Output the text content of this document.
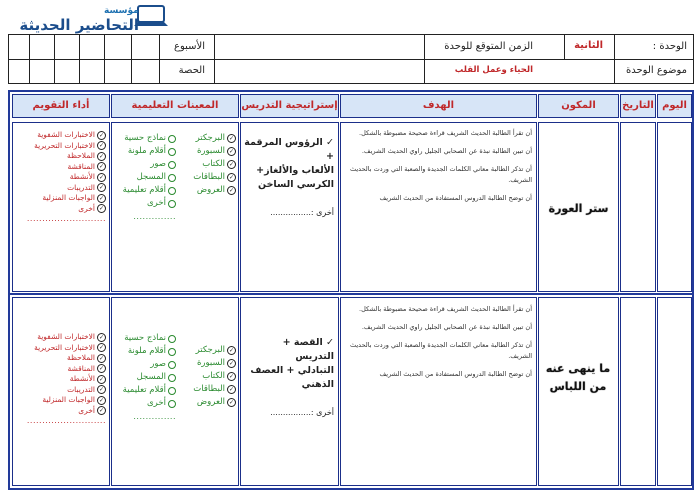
مؤسسة
التحاضير الحديثة
الوحدة :
الثانية
الزمن المتوقع للوحدة
الأسبوع
موضوع الوحدة
الحياء وعمل القلب
الحصة
اليوم
التاريخ
المكون
الهدف
إستراتيجية التدريس
المعينات التعليمية
أداء التقويم
ستر العورة
أن تقرأ الطالبة الحديث الشريف قراءة صحيحة مضبوطة بالشكل.
أن تبين الطالبة نبذة عن الصحابي الجليل راوي الحديث الشريف.
أن تذكر الطالبة معاني الكلمات الجديدة والصعبة التي وردت بالحديث الشريف.
أن توضح الطالبة الدروس المستفادة من الحديث الشريف
✓ الرؤوس المرقمة +
الألعاب والألغاز+
الكرسي الساخن
أخرى :................
✓
البرجكتر
✓
السبورة
✓
الكتاب
✓
البطاقات
✓
العروض
نماذج حسية
أقلام ملونة
صور
المسجل
أقلام تعليمية
أخرى
..............
✓
الاختبارات الشفوية
✓
الاختبارات التحريرية
✓
الملاحظة
✓
المناقشة
✓
الأنشطة
✓
التدريبات
✓
الواجبات المنزلية
✓
أخرى
..........................
ما ينهى عنه من اللباس
أن تقرأ الطالبة الحديث الشريف قراءة صحيحة مضبوطة بالشكل.
أن تبين الطالبة نبذة عن الصحابي الجليل راوي الحديث الشريف.
أن تذكر الطالبة معاني الكلمات الجديدة والصعبة التي وردت بالحديث الشريف.
أن توضح الطالبة الدروس المستفادة من الحديث الشريف
✓ القصة + التدريس
التبادلي + العصف
الذهني
أخرى :................
✓
البرجكتر
✓
السبورة
✓
الكتاب
✓
البطاقات
✓
العروض
نماذج حسية
أقلام ملونة
صور
المسجل
أقلام تعليمية
أخرى
..............
✓
الاختبارات الشفوية
✓
الاختبارات التحريرية
✓
الملاحظة
✓
المناقشة
✓
الأنشطة
✓
التدريبات
✓
الواجبات المنزلية
✓
أخرى
..........................
